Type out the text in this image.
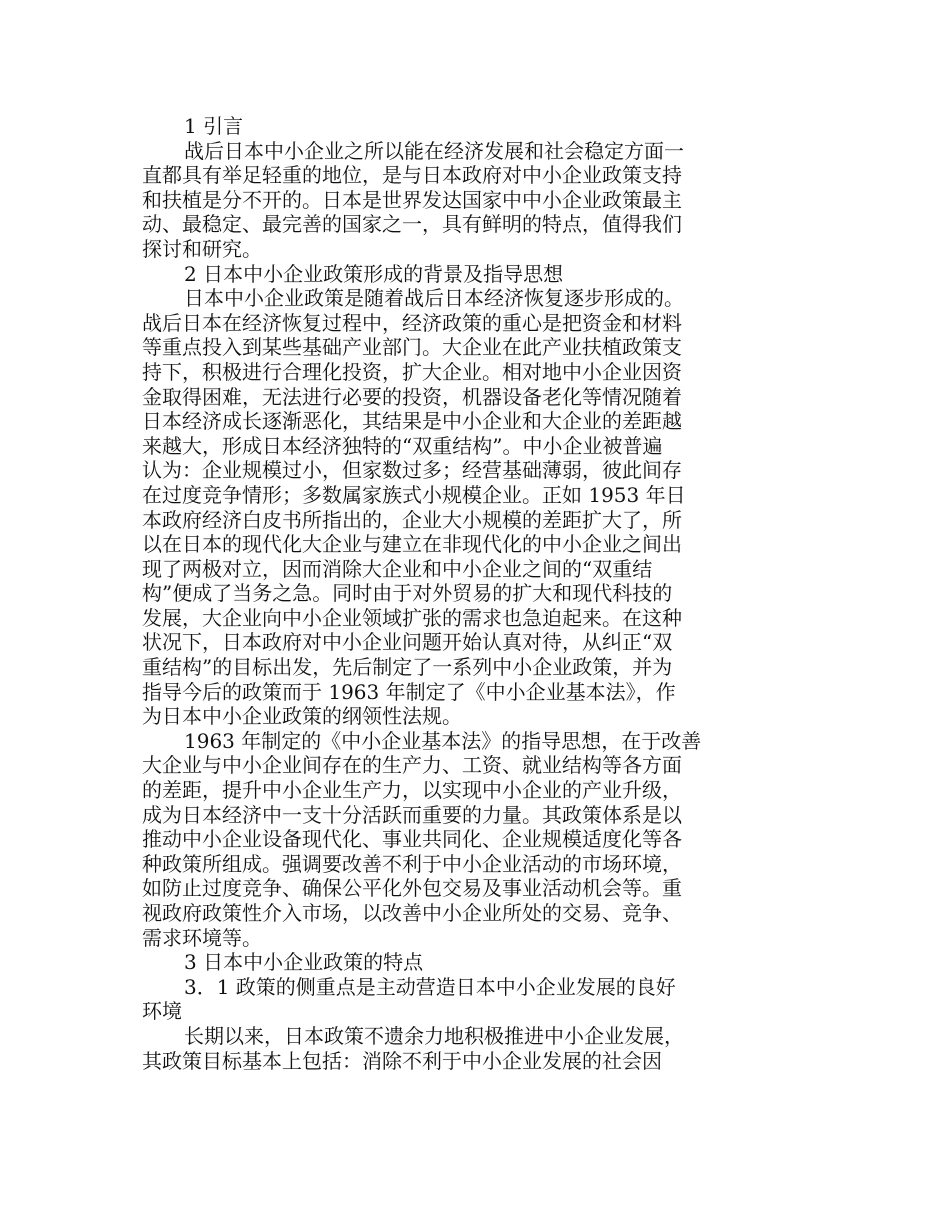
1 引言
战后日本中小企业之所以能在经济发展和社会稳定方面一
直都具有举足轻重的地位，是与日本政府对中小企业政策支持
和扶植是分不开的。日本是世界发达国家中中小企业政策最主
动、最稳定、最完善的国家之一，具有鲜明的特点，值得我们
探讨和研究。
2 日本中小企业政策形成的背景及指导思想
日本中小企业政策是随着战后日本经济恢复逐步形成的。
战后日本在经济恢复过程中，经济政策的重心是把资金和材料
等重点投入到某些基础产业部门。大企业在此产业扶植政策支
持下，积极进行合理化投资，扩大企业。相对地中小企业因资
金取得困难，无法进行必要的投资，机器设备老化等情况随着
日本经济成长逐渐恶化，其结果是中小企业和大企业的差距越
来越大，形成日本经济独特的“双重结构”。中小企业被普遍
认为：企业规模过小，但家数过多；经营基础薄弱，彼此间存
在过度竞争情形；多数属家族式小规模企业。正如 1953 年日
本政府经济白皮书所指出的，企业大小规模的差距扩大了，所
以在日本的现代化大企业与建立在非现代化的中小企业之间出
现了两极对立，因而消除大企业和中小企业之间的“双重结
构”便成了当务之急。同时由于对外贸易的扩大和现代科技的
发展，大企业向中小企业领域扩张的需求也急迫起来。在这种
状况下，日本政府对中小企业问题开始认真对待，从纠正“双
重结构”的目标出发，先后制定了一系列中小企业政策，并为
指导今后的政策而于 1963 年制定了《中小企业基本法》，作
为日本中小企业政策的纲领性法规。
1963 年制定的《中小企业基本法》的指导思想，在于改善
大企业与中小企业间存在的生产力、工资、就业结构等各方面
的差距，提升中小企业生产力，以实现中小企业的产业升级，
成为日本经济中一支十分活跃而重要的力量。其政策体系是以
推动中小企业设备现代化、事业共同化、企业规模适度化等各
种政策所组成。强调要改善不利于中小企业活动的市场环境，
如防止过度竞争、确保公平化外包交易及事业活动机会等。重
视政府政策性介入市场，以改善中小企业所处的交易、竞争、
需求环境等。
3 日本中小企业政策的特点
3．1 政策的侧重点是主动营造日本中小企业发展的良好
环境
长期以来，日本政策不遗余力地积极推进中小企业发展，
其政策目标基本上包括：消除不利于中小企业发展的社会因
